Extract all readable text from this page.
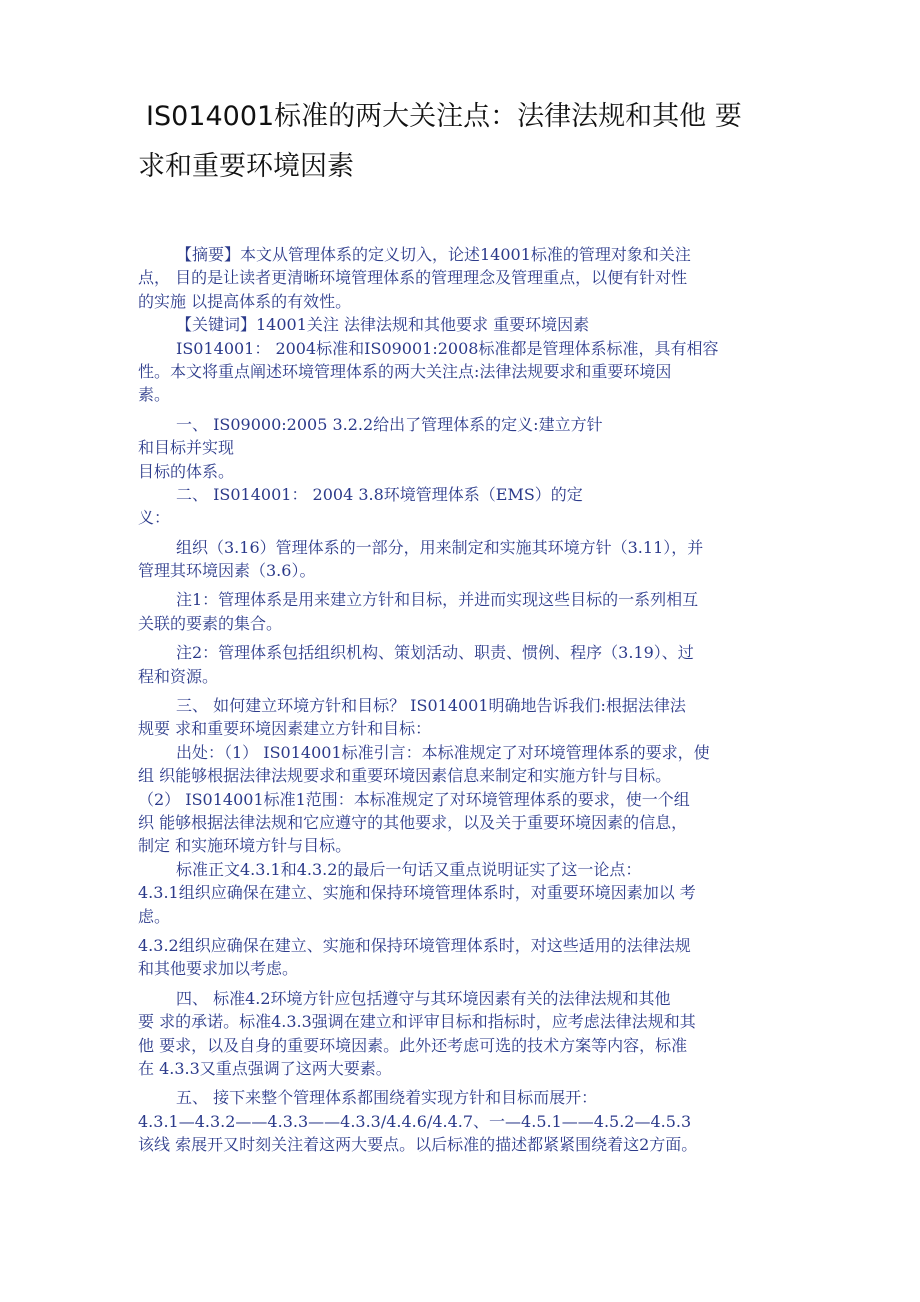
IS014001标准的两大关注点：法律法规和其他 要
求和重要环境因素
【摘要】本文从管理体系的定义切入，论述14001标准的管理对象和关注
点， 目的是让读者更清晰环境管理体系的管理理念及管理重点，以便有针对性
的实施 以提高体系的有效性。
【关键词】14001关注 法律法规和其他要求 重要环境因素
IS014001： 2004标准和IS09001:2008标准都是管理体系标准，具有相容
性。本文将重点阐述环境管理体系的两大关注点:法律法规要求和重要环境因
素。
一、 IS09000:2005 3.2.2给出了管理体系的定义:建立方针
和目标并实现
目标的体系。
二、 IS014001： 2004 3.8环境管理体系（EMS）的定
义：
组织（3.16）管理体系的一部分，用来制定和实施其环境方针（3.11），并
管理其环境因素（3.6）。
注1：管理体系是用来建立方针和目标，并进而实现这些目标的一系列相互
关联的要素的集合。
注2：管理体系包括组织机构、策划活动、职责、惯例、程序（3.19）、过
程和资源。
三、 如何建立环境方针和目标？ IS014001明确地告诉我们:根据法律法
规要 求和重要环境因素建立方针和目标：
出处：（1） IS014001标准引言：本标准规定了对环境管理体系的要求，使
组 织能够根据法律法规要求和重要环境因素信息来制定和实施方针与目标。
（2） IS014001标准1范围：本标准规定了对环境管理体系的要求，使一个组
织 能够根据法律法规和它应遵守的其他要求，以及关于重要环境因素的信息，
制定 和实施环境方针与目标。
标准正文4.3.1和4.3.2的最后一句话又重点说明证实了这一论点：
4.3.1组织应确保在建立、实施和保持环境管理体系时，对重要环境因素加以 考
虑。
4.3.2组织应确保在建立、实施和保持环境管理体系时，对这些适用的法律法规
和其他要求加以考虑。
四、 标准4.2环境方针应包括遵守与其环境因素有关的法律法规和其他
要 求的承诺。标准4.3.3强调在建立和评审目标和指标时，应考虑法律法规和其
他 要求，以及自身的重要环境因素。此外还考虑可选的技术方案等内容，标准
在 4.3.3又重点强调了这两大要素。
五、 接下来整个管理体系都围绕着实现方针和目标而展开：
4.3.1—4.3.2——4.3.3——4.3.3/4.4.6/4.4.7、一—4.5.1——4.5.2—4.5.3
该线 索展开又时刻关注着这两大要点。以后标准的描述都紧紧围绕着这2方面。
